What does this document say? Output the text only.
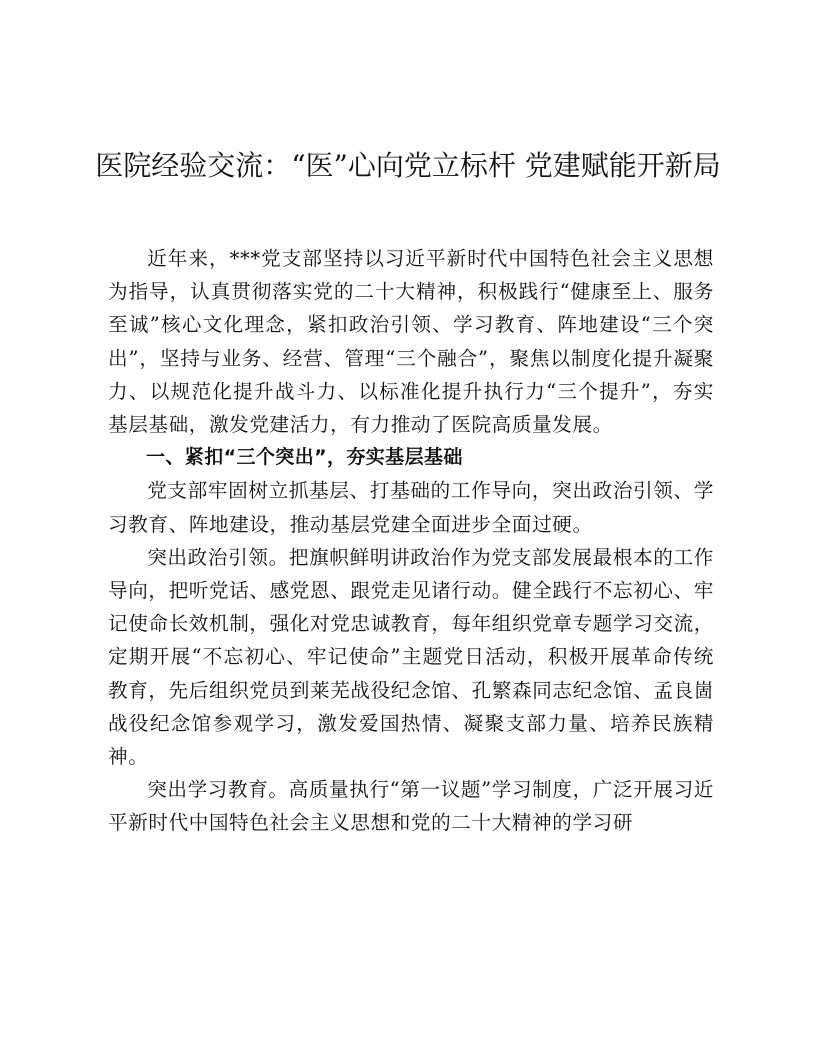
医院经验交流：“医”心向党立标杆 党建赋能开新局

近年来，***党支部坚持以习近平新时代中国特色社会主义思想为指导，认真贯彻落实党的二十大精神，积极践行“健康至上、服务至诚”核心文化理念，紧扣政治引领、学习教育、阵地建设“三个突出”，坚持与业务、经营、管理“三个融合”，聚焦以制度化提升凝聚力、以规范化提升战斗力、以标准化提升执行力“三个提升”，夯实基层基础，激发党建活力，有力推动了医院高质量发展。

一、紧扣“三个突出”，夯实基层基础

党支部牢固树立抓基层、打基础的工作导向，突出政治引领、学习教育、阵地建设，推动基层党建全面进步全面过硬。

突出政治引领。把旗帜鲜明讲政治作为党支部发展最根本的工作导向，把听党话、感党恩、跟党走见诸行动。健全践行不忘初心、牢记使命长效机制，强化对党忠诚教育，每年组织党章专题学习交流，定期开展“不忘初心、牢记使命”主题党日活动，积极开展革命传统教育，先后组织党员到莱芜战役纪念馆、孔繁森同志纪念馆、孟良崮战役纪念馆参观学习，激发爱国热情、凝聚支部力量、培养民族精神。

突出学习教育。高质量执行“第一议题”学习制度，广泛开展习近平新时代中国特色社会主义思想和党的二十大精神的学习研
